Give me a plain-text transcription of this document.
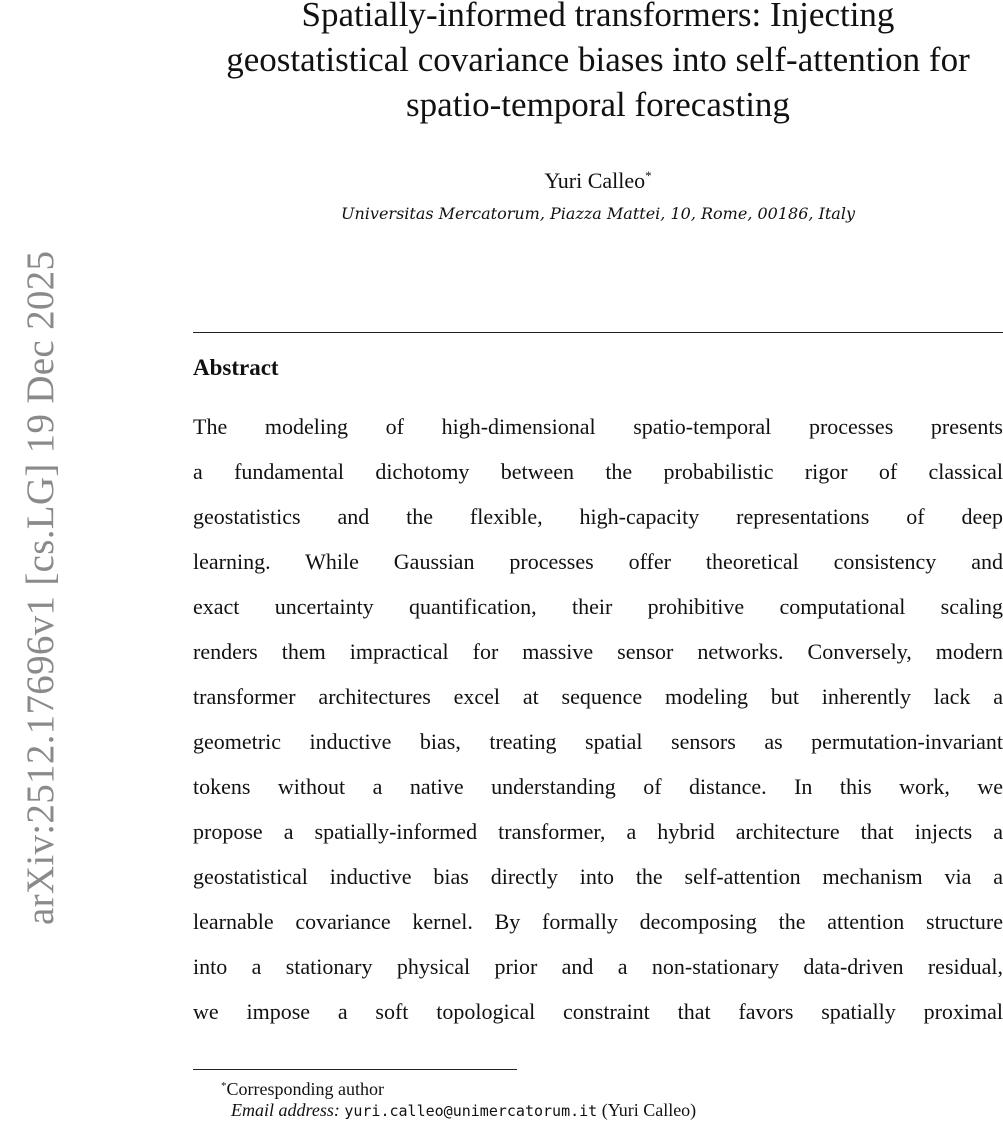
arXiv:2512.17696v1 [cs.LG] 19 Dec 2025
Spatially-informed transformers: Injecting
geostatistical covariance biases into self-attention for
spatio-temporal forecasting
Yuri Calleo*
Universitas Mercatorum, Piazza Mattei, 10, Rome, 00186, Italy
Abstract
The modeling of high-dimensional spatio-temporal processes presents
a fundamental dichotomy between the probabilistic rigor of classical
geostatistics and the flexible, high-capacity representations of deep
learning. While Gaussian processes offer theoretical consistency and
exact uncertainty quantification, their prohibitive computational scaling
renders them impractical for massive sensor networks. Conversely, modern
transformer architectures excel at sequence modeling but inherently lack a
geometric inductive bias, treating spatial sensors as permutation-invariant
tokens without a native understanding of distance. In this work, we
propose a spatially-informed transformer, a hybrid architecture that injects a
geostatistical inductive bias directly into the self-attention mechanism via a
learnable covariance kernel. By formally decomposing the attention structure
into a stationary physical prior and a non-stationary data-driven residual,
we impose a soft topological constraint that favors spatially proximal
*Corresponding author
Email address: yuri.calleo@unimercatorum.it (Yuri Calleo)
